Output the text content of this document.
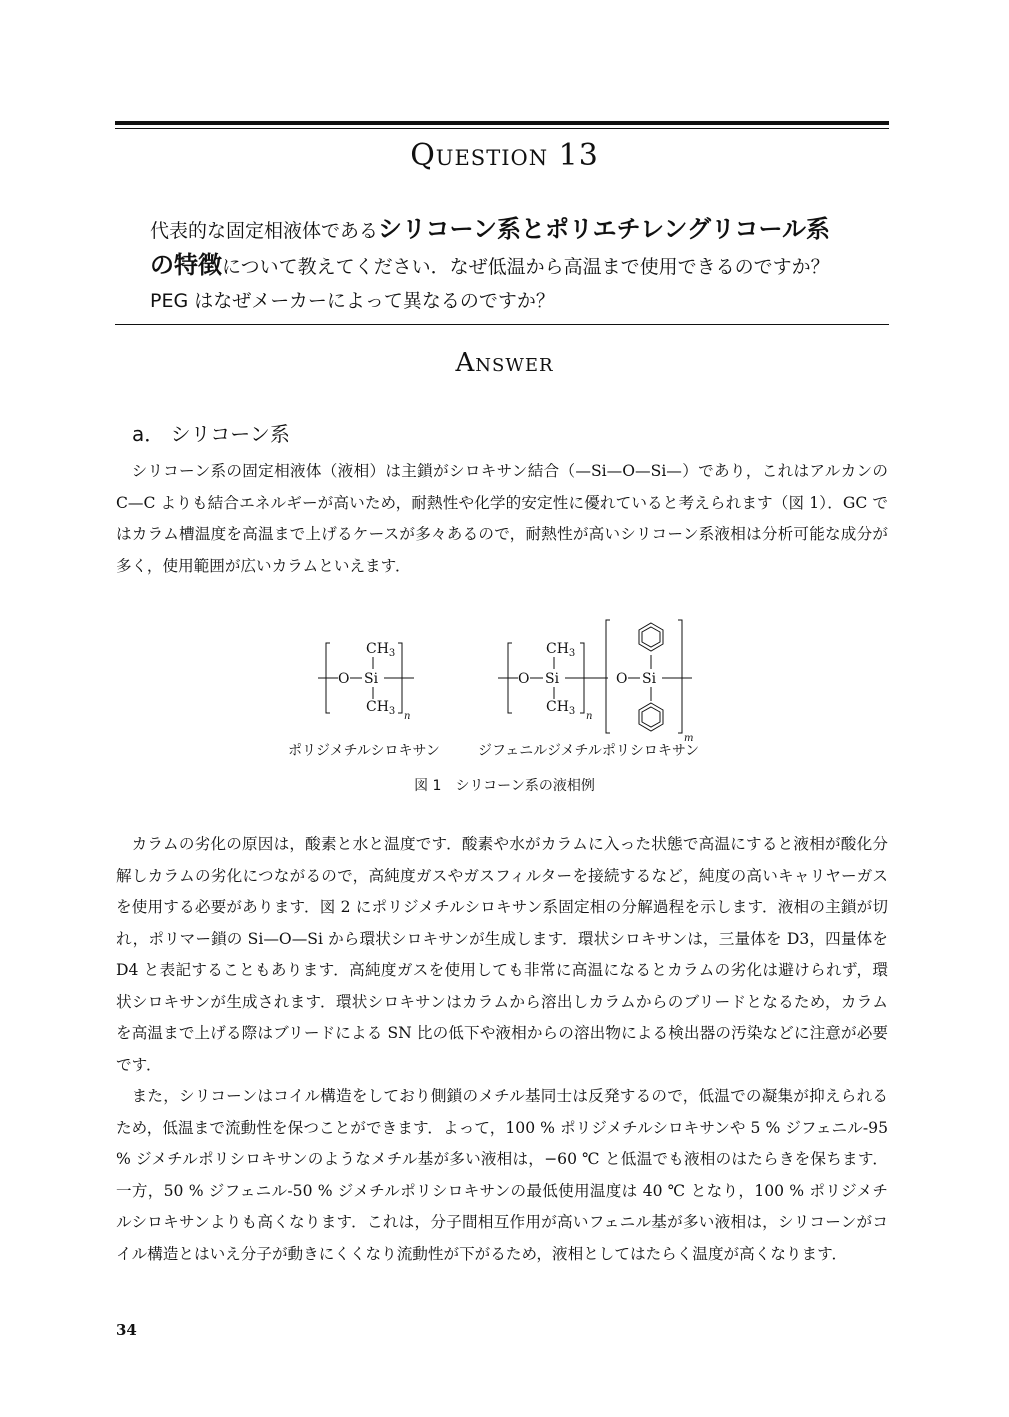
Question 13
代表的な固定相液体であるシリコーン系とポリエチレングリコール系
の特徴について教えてください．なぜ低温から高温まで使用できるのですか？
PEG はなぜメーカーによって異なるのですか？
Answer
a． シリコーン系
シリコーン系の固定相液体（液相）は主鎖がシロキサン結合（—Si—O—Si—）であり，これはアルカンの C—C よりも結合エネルギーが高いため，耐熱性や化学的安定性に優れていると考えられます（図 1）．GC ではカラム槽温度を高温まで上げるケースが多々あるので，耐熱性が高いシリコーン系液相は分析可能な成分が多く，使用範囲が広いカラムといえます．
$CH_3$
O Si
$CH_3$ n
$CH_3$
O Si
$CH_3$ n
O Si
m
ポリジメチルシロキサン	ジフェニルジメチルポリシロキサン
図 1　シリコーン系の液相例
カラムの劣化の原因は，酸素と水と温度です．酸素や水がカラムに入った状態で高温にすると液相が酸化分解しカラムの劣化につながるので，高純度ガスやガスフィルターを接続するなど，純度の高いキャリヤーガスを使用する必要があります．図 2 にポリジメチルシロキサン系固定相の分解過程を示します．液相の主鎖が切れ，ポリマー鎖の Si—O—Si から環状シロキサンが生成します．環状シロキサンは，三量体を D3，四量体を D4 と表記することもあります．高純度ガスを使用しても非常に高温になるとカラムの劣化は避けられず，環状シロキサンが生成されます．環状シロキサンはカラムから溶出しカラムからのブリードとなるため，カラムを高温まで上げる際はブリードによる SN 比の低下や液相からの溶出物による検出器の汚染などに注意が必要です．
また，シリコーンはコイル構造をしており側鎖のメチル基同士は反発するので，低温での凝集が抑えられるため，低温まで流動性を保つことができます．よって，100 % ポリジメチルシロキサンや 5 % ジフェニル-95 % ジメチルポリシロキサンのようなメチル基が多い液相は，−60 ℃ と低温でも液相のはたらきを保ちます．一方，50 % ジフェニル-50 % ジメチルポリシロキサンの最低使用温度は 40 ℃ となり，100 % ポリジメチルシロキサンよりも高くなります．これは，分子間相互作用が高いフェニル基が多い液相は，シリコーンがコイル構造とはいえ分子が動きにくくなり流動性が下がるため，液相としてはたらく温度が高くなります．
34
